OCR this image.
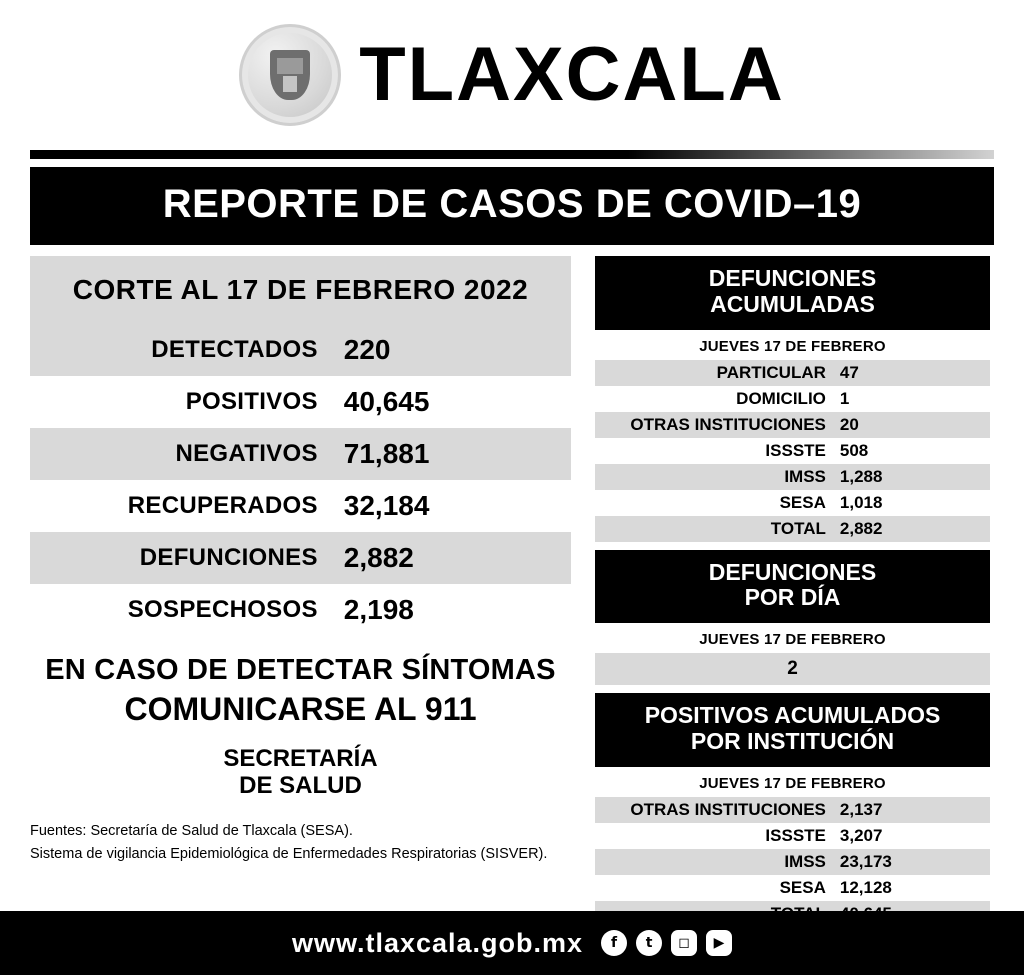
TLAXCALA
REPORTE DE CASOS DE COVID–19
CORTE AL 17 DE FEBRERO 2022
DETECTADOS 220
POSITIVOS 40,645
NEGATIVOS 71,881
RECUPERADOS 32,184
DEFUNCIONES 2,882
SOSPECHOSOS 2,198
EN CASO DE DETECTAR SÍNTOMAS
COMUNICARSE AL 911
SECRETARÍA
DE SALUD
Fuentes: Secretaría de Salud de Tlaxcala (SESA).
Sistema de vigilancia Epidemiológica de Enfermedades Respiratorias (SISVER).
DEFUNCIONES
ACUMULADAS
JUEVES 17 DE FEBRERO
PARTICULAR 47
DOMICILIO 1
OTRAS INSTITUCIONES 20
ISSSTE 508
IMSS 1,288
SESA 1,018
TOTAL 2,882
DEFUNCIONES
POR DÍA
JUEVES 17 DE FEBRERO
2
POSITIVOS ACUMULADOS
POR INSTITUCIÓN
JUEVES 17 DE FEBRERO
OTRAS INSTITUCIONES 2,137
ISSSTE 3,207
IMSS 23,173
SESA 12,128
www.tlaxcala.gob.mx	f	t	◻	▶
